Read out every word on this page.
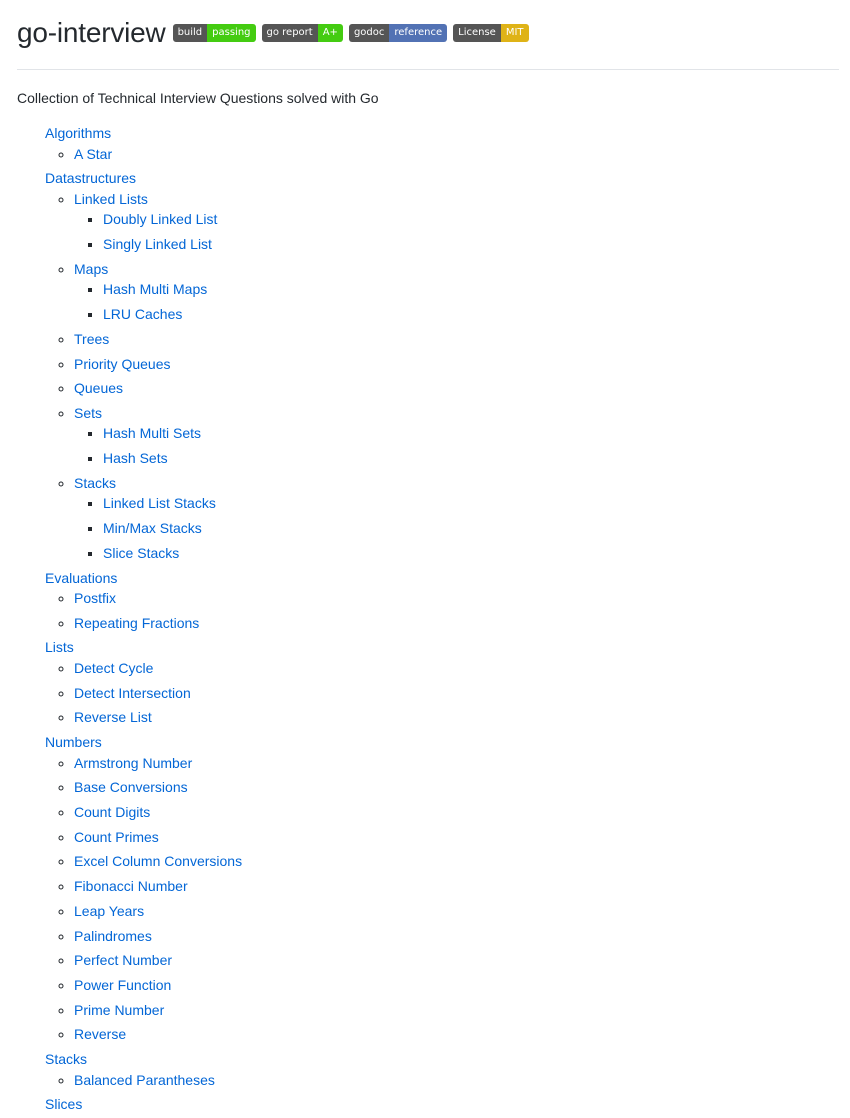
go-interview	build	passing	go report	A+	godoc	reference	License	MIT

Collection of Technical Interview Questions solved with Go

Algorithms
◦ A Star
Datastructures
◦ Linked Lists
▪ Doubly Linked List
▪ Singly Linked List
◦ Maps
▪ Hash Multi Maps
▪ LRU Caches
◦ Trees
◦ Priority Queues
◦ Queues
◦ Sets
▪ Hash Multi Sets
▪ Hash Sets
◦ Stacks
▪ Linked List Stacks
▪ Min/Max Stacks
▪ Slice Stacks
Evaluations
◦ Postfix
◦ Repeating Fractions
Lists
◦ Detect Cycle
◦ Detect Intersection
◦ Reverse List
Numbers
◦ Armstrong Number
◦ Base Conversions
◦ Count Digits
◦ Count Primes
◦ Excel Column Conversions
◦ Fibonacci Number
◦ Leap Years
◦ Palindromes
◦ Perfect Number
◦ Power Function
◦ Prime Number
◦ Reverse
Stacks
◦ Balanced Parantheses
Slices
